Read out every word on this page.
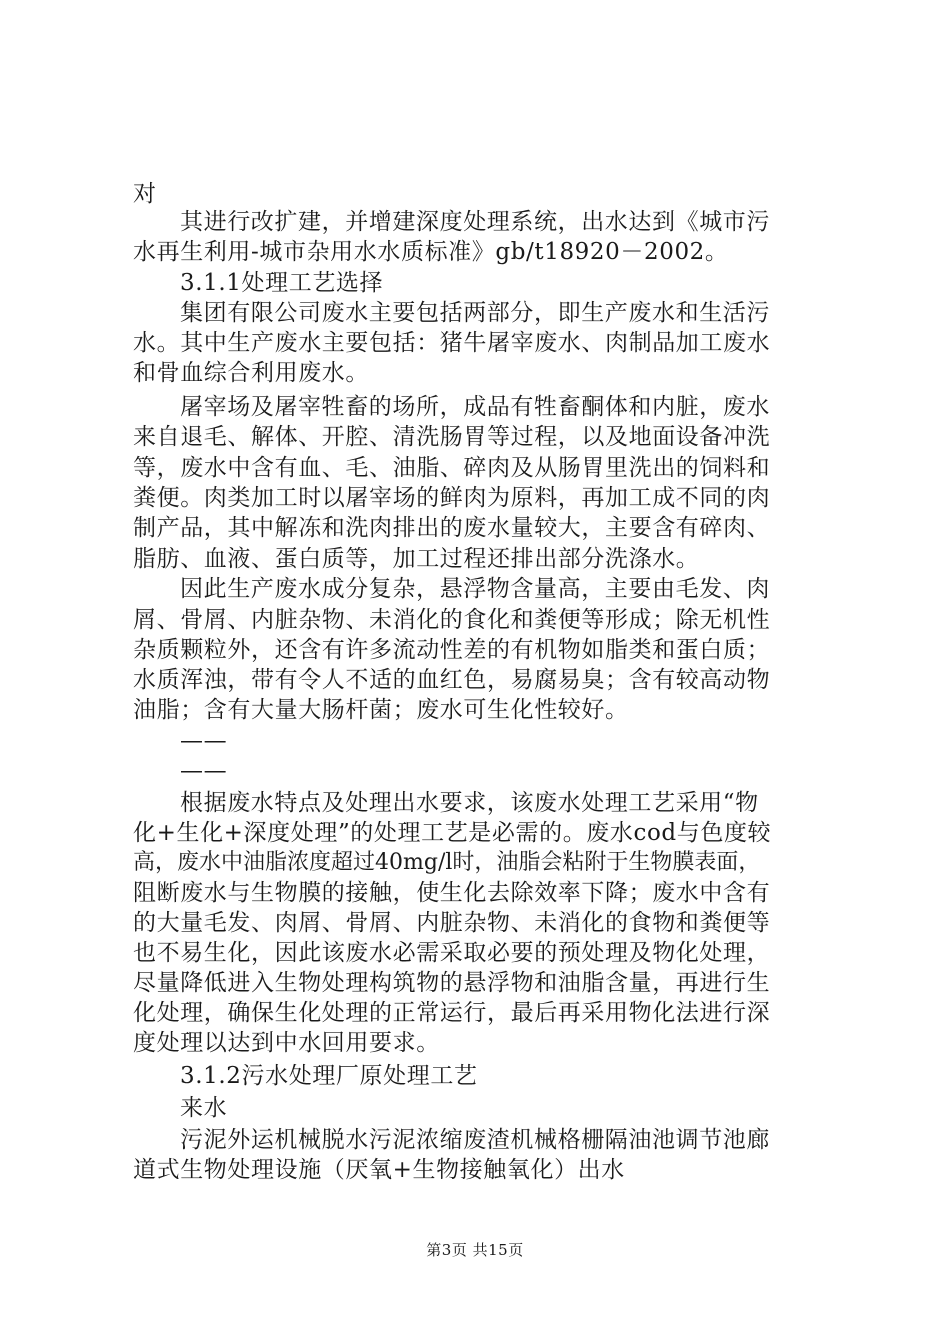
对
其进行改扩建，并增建深度处理系统，出水达到《城市污
水再生利用-城市杂用水水质标准》gb/t18920－2002。
3.1.1处理工艺选择
集团有限公司废水主要包括两部分，即生产废水和生活污
水。其中生产废水主要包括：猪牛屠宰废水、肉制品加工废水
和骨血综合利用废水。
屠宰场及屠宰牲畜的场所，成品有牲畜酮体和内脏，废水
来自退毛、解体、开腔、清洗肠胃等过程，以及地面设备冲洗
等，废水中含有血、毛、油脂、碎肉及从肠胃里洗出的饲料和
粪便。肉类加工时以屠宰场的鲜肉为原料，再加工成不同的肉
制产品，其中解冻和洗肉排出的废水量较大，主要含有碎肉、
脂肪、血液、蛋白质等，加工过程还排出部分洗涤水。
因此生产废水成分复杂，悬浮物含量高，主要由毛发、肉
屑、骨屑、内脏杂物、未消化的食化和粪便等形成；除无机性
杂质颗粒外，还含有许多流动性差的有机物如脂类和蛋白质；
水质浑浊，带有令人不适的血红色，易腐易臭；含有较高动物
油脂；含有大量大肠杆菌；废水可生化性较好。
——
——
根据废水特点及处理出水要求，该废水处理工艺采用“物
化+生化+深度处理”的处理工艺是必需的。废水cod与色度较
高，废水中油脂浓度超过40mg/l时，油脂会粘附于生物膜表面，
阻断废水与生物膜的接触，使生化去除效率下降；废水中含有
的大量毛发、肉屑、骨屑、内脏杂物、未消化的食物和粪便等
也不易生化，因此该废水必需采取必要的预处理及物化处理，
尽量降低进入生物处理构筑物的悬浮物和油脂含量，再进行生
化处理，确保生化处理的正常运行，最后再采用物化法进行深
度处理以达到中水回用要求。
3.1.2污水处理厂原处理工艺
来水
污泥外运机械脱水污泥浓缩废渣机械格栅隔油池调节池廊
道式生物处理设施（厌氧+生物接触氧化）出水
第3页 共15页
